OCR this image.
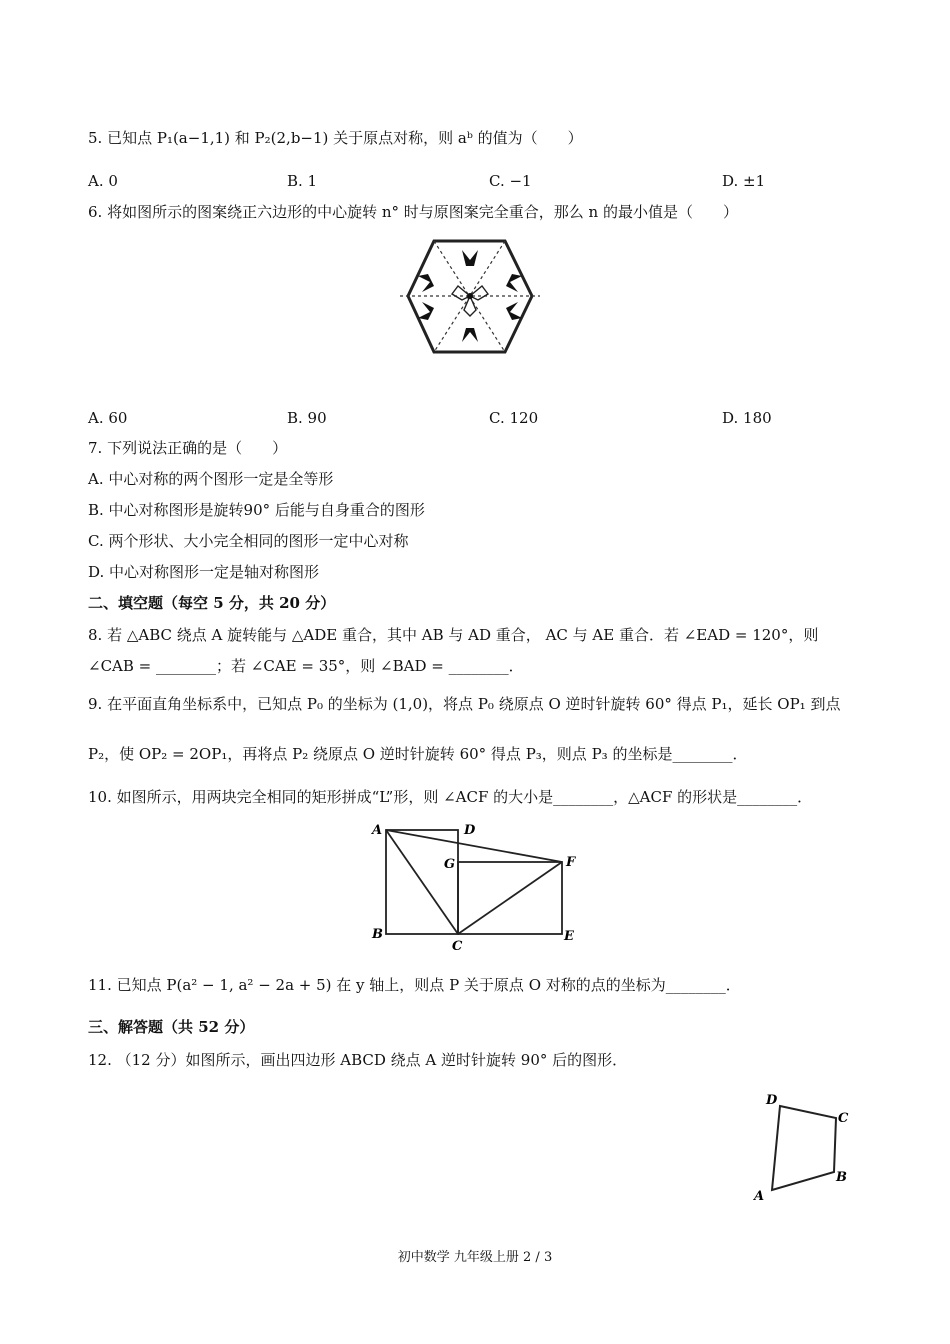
5. 已知点 P₁(a−1,1) 和 P₂(2,b−1) 关于原点对称，则 aᵇ 的值为（　　）
A. 0	B. 1	C. −1	D. ±1
6. 将如图所示的图案绕正六边形的中心旋转 n° 时与原图案完全重合，那么 n 的最小值是（　　）
A. 60	B. 90	C. 120	D. 180
7. 下列说法正确的是（　　）
A. 中心对称的两个图形一定是全等形
B. 中心对称图形是旋转90° 后能与自身重合的图形
C. 两个形状、大小完全相同的图形一定中心对称
D. 中心对称图形一定是轴对称图形
二、填空题（每空 5 分，共 20 分）
8. 若 △ABC 绕点 A 旋转能与 △ADE 重合，其中 AB 与 AD 重合， AC 与 AE 重合．若 ∠EAD = 120°，则
∠CAB = ________；若 ∠CAE = 35°，则 ∠BAD = ________．
9. 在平面直角坐标系中，已知点 P₀ 的坐标为 (1,0)，将点 P₀ 绕原点 O 逆时针旋转 60° 得点 P₁，延长 OP₁ 到点
P₂，使 OP₂ = 2OP₁，再将点 P₂ 绕原点 O 逆时针旋转 60° 得点 P₃，则点 P₃ 的坐标是________．
10. 如图所示，用两块完全相同的矩形拼成“L”形，则 ∠ACF 的大小是________，△ACF 的形状是________．
A	D
G	F
B
C
E
11. 已知点 P(a² − 1, a² − 2a + 5) 在 y 轴上，则点 P 关于原点 O 对称的点的坐标为________．
三、解答题（共 52 分）
12. （12 分）如图所示，画出四边形 ABCD 绕点 A 逆时针旋转 90° 后的图形．
D
C
B
A
初中数学 九年级上册 2 / 3
